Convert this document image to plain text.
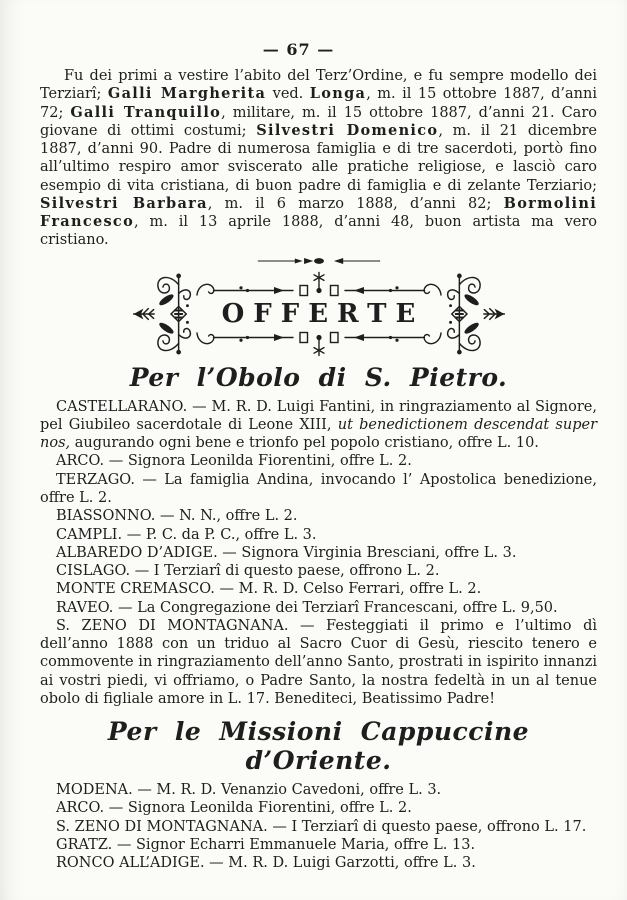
— 67 —

Fu dei primi a vestire l’abito del Terz’Ordine, e fu sempre modello dei Terziarî; Galli Margherita ved. Longa, m. il 15 ottobre 1887, d’anni 72; Galli Tranquillo, militare, m. il 15 ottobre 1887, d’anni 21. Caro giovane di ottimi costumi; Silvestri Domenico, m. il 21 dicembre 1887, d’anni 90. Padre di numerosa famiglia e di tre sacerdoti, portò fino all’ultimo respiro amor sviscerato alle pratiche religiose, e lasciò caro esempio di vita cristiana, di buon padre di famiglia e di zelante Terziario; Silvestri Barbara, m. il 6 marzo 1888, d’anni 82; Bormolini Francesco, m. il 13 aprile 1888, d’anni 48, buon artista ma vero cristiano.

OFFERTE
Per l’Obolo di S. Pietro.

CASTELLARANO. — M. R. D. Luigi Fantini, in ringraziamento al Signore, pel Giubileo sacerdotale di Leone XIII, ut benedictionem descendat super nos, augurando ogni bene e trionfo pel popolo cristiano, offre L. 10.

ARCO. — Signora Leonilda Fiorentini, offre L. 2.

TERZAGO. — La famiglia Andina, invocando l’ Apostolica benedizione, offre L. 2.

BIASSONNO. — N. N., offre L. 2.

CAMPLI. — P. C. da P. C., offre L. 3.

ALBAREDO D’ADIGE. — Signora Virginia Bresciani, offre L. 3.

CISLAGO. — I Terziarî di questo paese, offrono L. 2.

MONTE CREMASCO. — M. R. D. Celso Ferrari, offre L. 2.

RAVEO. — La Congregazione dei Terziarî Francescani, offre L. 9,50.

S. ZENO DI MONTAGNANA. — Festeggiati il primo e l’ultimo dì dell’anno 1888 con un triduo al Sacro Cuor di Gesù, riescito tenero e commovente in ringraziamento dell’anno Santo, prostrati in ispirito innanzi ai vostri piedi, vi offriamo, o Padre Santo, la nostra fedeltà in un al tenue obolo di figliale amore in L. 17. Benediteci, Beatissimo Padre!

Per le Missioni Cappuccine d’Oriente.

MODENA. — M. R. D. Venanzio Cavedoni, offre L. 3.

ARCO. — Signora Leonilda Fiorentini, offre L. 2.

S. ZENO DI MONTAGNANA. — I Terziarî di questo paese, offrono L. 17.

GRATZ. — Signor Echarri Emmanuele Maria, offre L. 13.

RONCO ALL’ADIGE. — M. R. D. Luigi Garzotti, offre L. 3.
